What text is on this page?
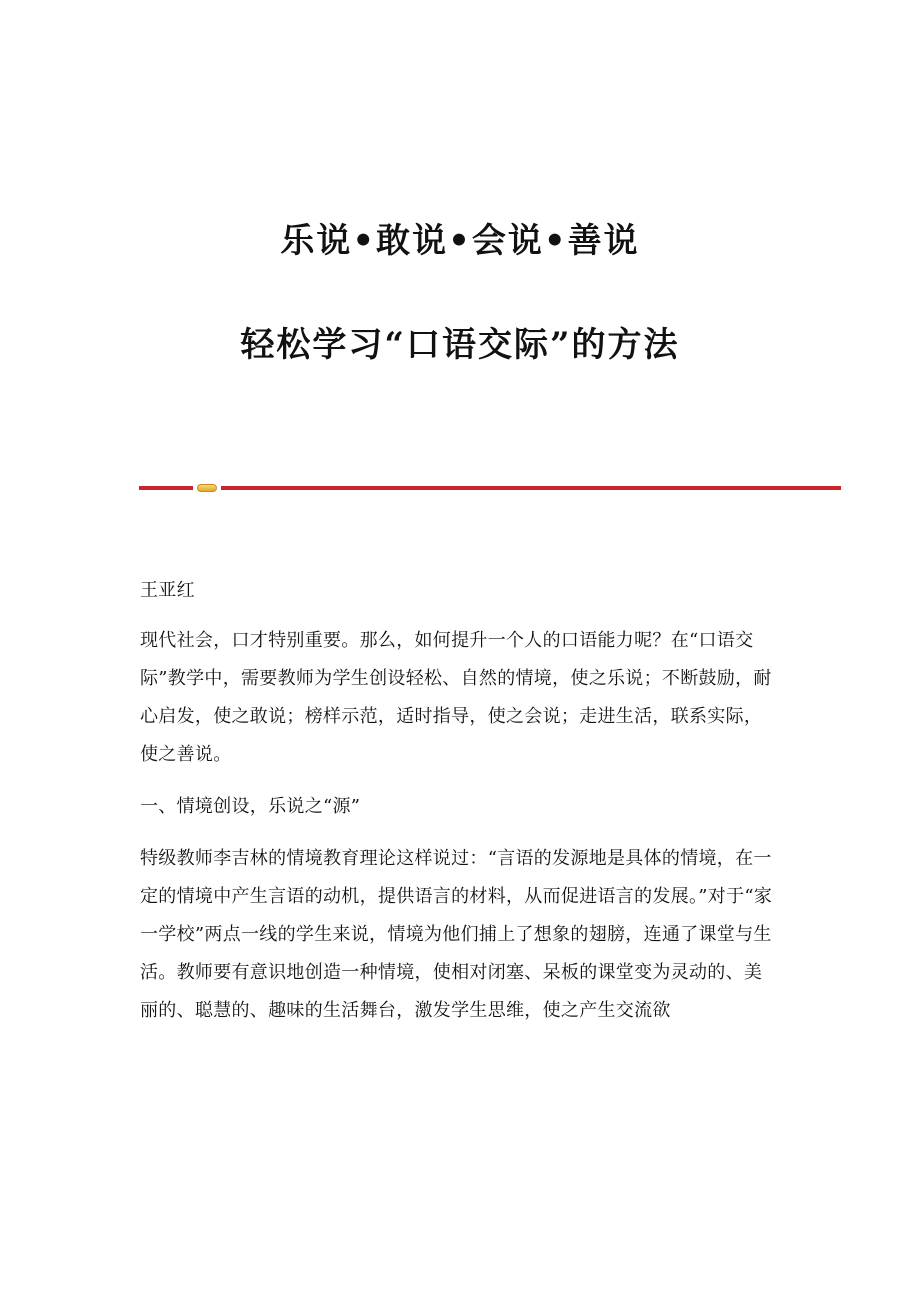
乐说•敢说•会说•善说
轻松学习“口语交际”的方法

王亚红

现代社会，口才特别重要。那么，如何提升一个人的口语能力呢？在“口语交际”教学中，需要教师为学生创设轻松、自然的情境，使之乐说；不断鼓励，耐心启发，使之敢说；榜样示范，适时指导，使之会说；走进生活，联系实际，使之善说。

一、情境创设，乐说之“源”

特级教师李吉林的情境教育理论这样说过：“言语的发源地是具体的情境，在一定的情境中产生言语的动机，提供语言的材料，从而促进语言的发展。”对于“家一学校”两点一线的学生来说，情境为他们捕上了想象的翅膀，连通了课堂与生活。教师要有意识地创造一种情境，使相对闭塞、呆板的课堂变为灵动的、美丽的、聪慧的、趣味的生活舞台，激发学生思维，使之产生交流欲
